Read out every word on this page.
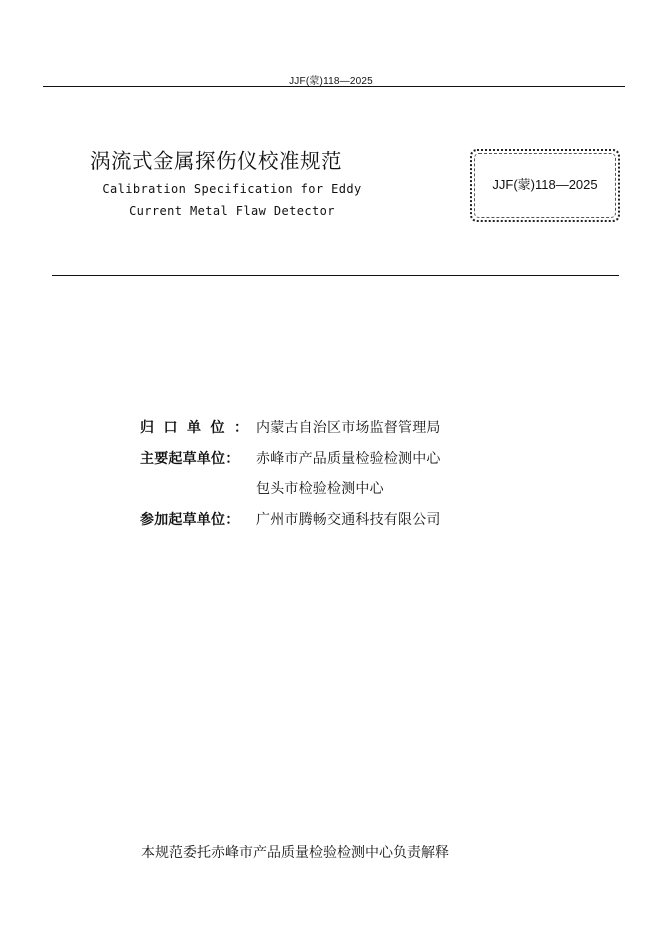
JJF(蒙)118—2025
涡流式金属探伤仪校准规范
Calibration Specification for Eddy
Current Metal Flaw Detector
JJF(蒙)118—2025
归口单位：内蒙古自治区市场监督管理局
主要起草单位： 赤峰市产品质量检验检测中心
包头市检验检测中心
参加起草单位： 广州市腾畅交通科技有限公司
本规范委托赤峰市产品质量检验检测中心负责解释
